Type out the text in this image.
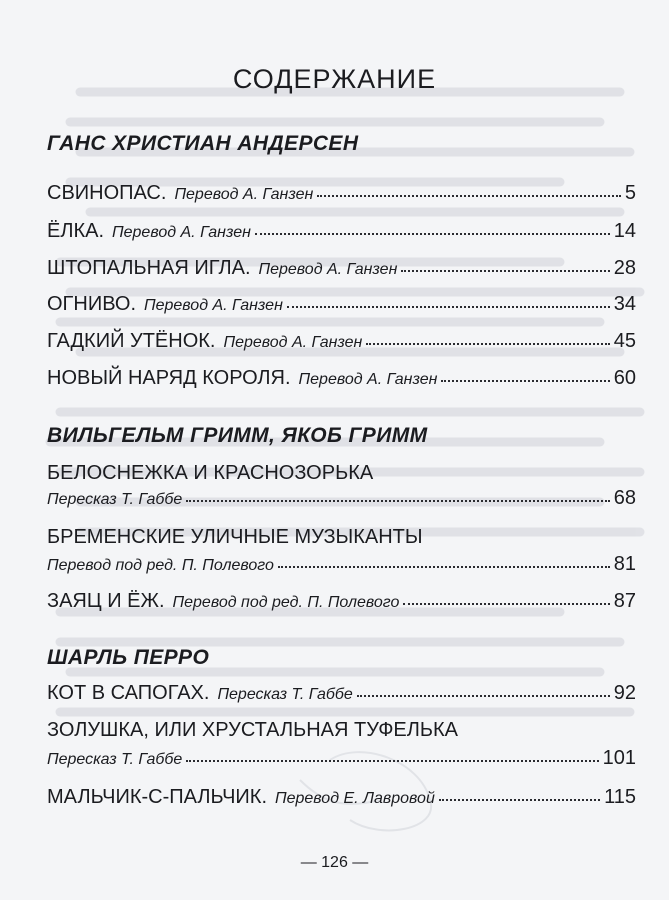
СОДЕРЖАНИЕ
ГАНС ХРИСТИАН АНДЕРСЕН
СВИНОПАС. Перевод А. Ганзен	5
ЁЛКА. Перевод А. Ганзен	14
ШТОПАЛЬНАЯ ИГЛА. Перевод А. Ганзен	28
ОГНИВО. Перевод А. Ганзен	34
ГАДКИЙ УТЁНОК. Перевод А. Ганзен	45
НОВЫЙ НАРЯД КОРОЛЯ. Перевод А. Ганзен	60
ВИЛЬГЕЛЬМ ГРИММ, ЯКОБ ГРИММ
БЕЛОСНЕЖКА И КРАСНОЗОРЬКА
Пересказ Т. Габбе	68
БРЕМЕНСКИЕ УЛИЧНЫЕ МУЗЫКАНТЫ
Перевод под ред. П. Полевого	81
ЗАЯЦ И ЁЖ. Перевод под ред. П. Полевого	87
ШАРЛЬ ПЕРРО
КОТ В САПОГАХ. Пересказ Т. Габбе	92
ЗОЛУШКА, ИЛИ ХРУСТАЛЬНАЯ ТУФЕЛЬКА
Пересказ Т. Габбе	101
МАЛЬЧИК-С-ПАЛЬЧИК. Перевод Е. Лавровой	115
— 126 —
